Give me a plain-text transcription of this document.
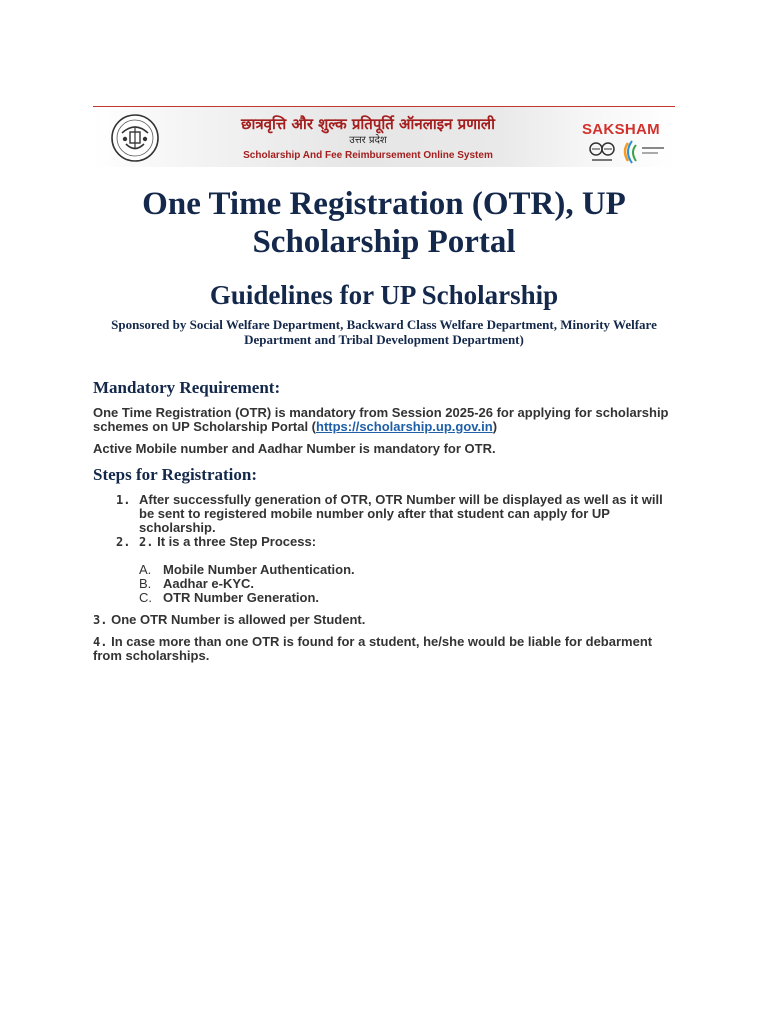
छात्रवृत्ति और शुल्क प्रतिपूर्ति ऑनलाइन प्रणाली
उत्तर प्रदेश
Scholarship And Fee Reimbursement Online System
SAKSHAM
One Time Registration (OTR), UP Scholarship Portal
Guidelines for UP Scholarship

Sponsored by Social Welfare Department, Backward Class Welfare Department, Minority Welfare Department and Tribal Development Department)

Mandatory Requirement:

One Time Registration (OTR) is mandatory from Session 2025-26 for applying for scholarship schemes on UP Scholarship Portal (https://scholarship.up.gov.in)

Active Mobile number and Aadhar Number is mandatory for OTR.

Steps for Registration:
1. After successfully generation of OTR, OTR Number will be displayed as well as it will be sent to registered mobile number only after that student can apply for UP scholarship.
2. 2. It is a three Step Process:
A. Mobile Number Authentication.
B. Aadhar e-KYC.
C. OTR Number Generation.

3. One OTR Number is allowed per Student.

4. In case more than one OTR is found for a student, he/she would be liable for debarment from scholarships.
